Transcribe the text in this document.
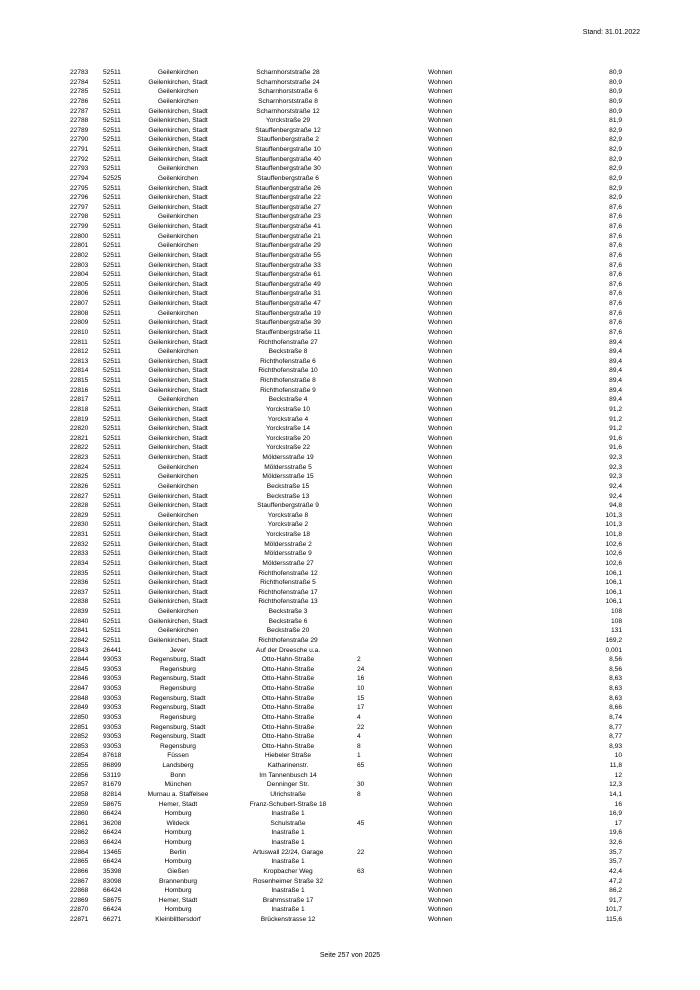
Stand: 31.01.2022
22783 52511	Geilenkirchen	Scharnhorststraße 28	Wohnen	80,9
22784 52511	Geilenkirchen, Stadt	Scharnhorststraße 24	Wohnen	80,9
22785 52511	Geilenkirchen	Scharnhorststraße 6	Wohnen	80,9
22786 52511	Geilenkirchen	Scharnhorststraße 8	Wohnen	80,9
22787 52511	Geilenkirchen, Stadt	Scharnhorststraße 12	Wohnen	80,9
22788 52511	Geilenkirchen, Stadt	Yorckstraße 29	Wohnen	81,9
22789 52511	Geilenkirchen, Stadt	Stauffenbergstraße 12	Wohnen	82,9
22790 52511	Geilenkirchen, Stadt	Stauffenbergstraße 2	Wohnen	82,9
22791 52511	Geilenkirchen, Stadt	Stauffenbergstraße 10	Wohnen	82,9
22792 52511	Geilenkirchen, Stadt	Stauffenbergstraße 40	Wohnen	82,9
22793 52511	Geilenkirchen	Stauffenbergstraße 30	Wohnen	82,9
22794 52525	Geilenkirchen	Stauffenbergstraße 6	Wohnen	82,9
22795 52511	Geilenkirchen, Stadt	Stauffenbergstraße 26	Wohnen	82,9
22796 52511	Geilenkirchen, Stadt	Stauffenbergstraße 22	Wohnen	82,9
22797 52511	Geilenkirchen, Stadt	Stauffenbergstraße 27	Wohnen	87,6
22798 52511	Geilenkirchen	Stauffenbergstraße 23	Wohnen	87,6
22799 52511	Geilenkirchen, Stadt	Stauffenbergstraße 41	Wohnen	87,6
22800 52511	Geilenkirchen	Stauffenbergstraße 21	Wohnen	87,6
22801 52511	Geilenkirchen	Stauffenbergstraße 29	Wohnen	87,6
22802 52511	Geilenkirchen, Stadt	Stauffenbergstraße 55	Wohnen	87,6
22803 52511	Geilenkirchen, Stadt	Stauffenbergstraße 33	Wohnen	87,6
22804 52511	Geilenkirchen, Stadt	Stauffenbergstraße 61	Wohnen	87,6
22805 52511	Geilenkirchen, Stadt	Stauffenbergstraße 49	Wohnen	87,6
22806 52511	Geilenkirchen, Stadt	Stauffenbergstraße 31	Wohnen	87,6
22807 52511	Geilenkirchen, Stadt	Stauffenbergstraße 47	Wohnen	87,6
22808 52511	Geilenkirchen	Stauffenbergstraße 19	Wohnen	87,6
22809 52511	Geilenkirchen, Stadt	Stauffenbergstraße 39	Wohnen	87,6
22810 52511	Geilenkirchen, Stadt	Stauffenbergstraße 11	Wohnen	87,6
22811 52511	Geilenkirchen, Stadt	Richthofenstraße 27	Wohnen	89,4
22812 52511	Geilenkirchen	Beckstraße 8	Wohnen	89,4
22813 52511	Geilenkirchen, Stadt	Richthofenstraße 6	Wohnen	89,4
22814 52511	Geilenkirchen, Stadt	Richthofenstraße 10	Wohnen	89,4
22815 52511	Geilenkirchen, Stadt	Richthofenstraße 8	Wohnen	89,4
22816 52511	Geilenkirchen, Stadt	Richthofenstraße 9	Wohnen	89,4
22817 52511	Geilenkirchen	Beckstraße 4	Wohnen	89,4
22818 52511	Geilenkirchen, Stadt	Yorckstraße 10	Wohnen	91,2
22819 52511	Geilenkirchen, Stadt	Yorckstraße 4	Wohnen	91,2
22820 52511	Geilenkirchen, Stadt	Yorckstraße 14	Wohnen	91,2
22821 52511	Geilenkirchen, Stadt	Yorckstraße 20	Wohnen	91,6
22822 52511	Geilenkirchen, Stadt	Yorckstraße 22	Wohnen	91,6
22823 52511	Geilenkirchen, Stadt	Möldersstraße 19	Wohnen	92,3
22824 52511	Geilenkirchen	Möldersstraße 5	Wohnen	92,3
22825 52511	Geilenkirchen	Möldersstraße 15	Wohnen	92,3
22826 52511	Geilenkirchen	Beckstraße 15	Wohnen	92,4
22827 52511	Geilenkirchen, Stadt	Beckstraße 13	Wohnen	92,4
22828 52511	Geilenkirchen, Stadt	Stauffenbergstraße 9	Wohnen	94,8
22829 52511	Geilenkirchen	Yorckstraße 8	Wohnen	101,3
22830 52511	Geilenkirchen, Stadt	Yorckstraße 2	Wohnen	101,3
22831 52511	Geilenkirchen, Stadt	Yorckstraße 18	Wohnen	101,8
22832 52511	Geilenkirchen, Stadt	Möldersstraße 2	Wohnen	102,6
22833 52511	Geilenkirchen, Stadt	Möldersstraße 9	Wohnen	102,6
22834 52511	Geilenkirchen, Stadt	Möldersstraße 27	Wohnen	102,6
22835 52511	Geilenkirchen, Stadt	Richthofenstraße 12	Wohnen	106,1
22836 52511	Geilenkirchen, Stadt	Richthofenstraße 5	Wohnen	106,1
22837 52511	Geilenkirchen, Stadt	Richthofenstraße 17	Wohnen	106,1
22838 52511	Geilenkirchen, Stadt	Richthofenstraße 13	Wohnen	106,1
22839 52511	Geilenkirchen	Beckstraße 3	Wohnen	108
22840 52511	Geilenkirchen, Stadt	Beckstraße 6	Wohnen	108
22841 52511	Geilenkirchen	Beckstraße 20	Wohnen	131
22842 52511	Geilenkirchen, Stadt	Richthofenstraße 29	Wohnen	169,2
22843 26441	Jever	Auf der Dreesche u.a.	Wohnen	0,001
22844 93053	Regensburg, Stadt	Otto-Hahn-Straße	2	Wohnen	8,56
22845 93053	Regensburg	Otto-Hahn-Straße	24	Wohnen	8,56
22846 93053	Regensburg, Stadt	Otto-Hahn-Straße	16	Wohnen	8,63
22847 93053	Regensburg	Otto-Hahn-Straße	10	Wohnen	8,63
22848 93053	Regensburg, Stadt	Otto-Hahn-Straße	15	Wohnen	8,63
22849 93053	Regensburg, Stadt	Otto-Hahn-Straße	17	Wohnen	8,66
22850 93053	Regensburg	Otto-Hahn-Straße	4	Wohnen	8,74
22851 93053	Regensburg, Stadt	Otto-Hahn-Straße	22	Wohnen	8,77
22852 93053	Regensburg, Stadt	Otto-Hahn-Straße	4	Wohnen	8,77
22853 93053	Regensburg	Otto-Hahn-Straße	8	Wohnen	8,93
22854 87618	Füssen	Hiebeler Straße	1	Wohnen	10
22855 86899	Landsberg	Katharinenstr.	65	Wohnen	11,8
22856 53119	Bonn	Im Tannenbusch 14	Wohnen	12
22857 81679	München	Denninger Str.	30	Wohnen	12,3
22858 82814	Murnau a. Staffelsee	Ulrichstraße	8	Wohnen	14,1
22859 58675	Hemer, Stadt	Franz-Schubert-Straße 18	Wohnen	16
22860 66424	Homburg	Inastraße 1	Wohnen	16,9
22861 36208	Wildeck	Schulstraße	45	Wohnen	17
22862 66424	Homburg	Inastraße 1	Wohnen	19,6
22863 66424	Homburg	Inastraße 1	Wohnen	32,6
22864 13465	Berlin	Artuswall 22/24, Garage	22	Wohnen	35,7
22865 66424	Homburg	Inastraße 1	Wohnen	35,7
22866 35398	Gießen	Kropbacher Weg	63	Wohnen	42,4
22867 83098	Brannenburg	Rosenheimer Straße 32	Wohnen	47,2
22868 66424	Homburg	Inastraße 1	Wohnen	86,2
22869 58675	Hemer, Stadt	Brahmsstraße 17	Wohnen	91,7
22870 66424	Homburg	Inastraße 1	Wohnen	101,7
22871 66271	Kleinblittersdorf	Brückenstrasse 12	Wohnen	115,6
Seite 257 von 2025
